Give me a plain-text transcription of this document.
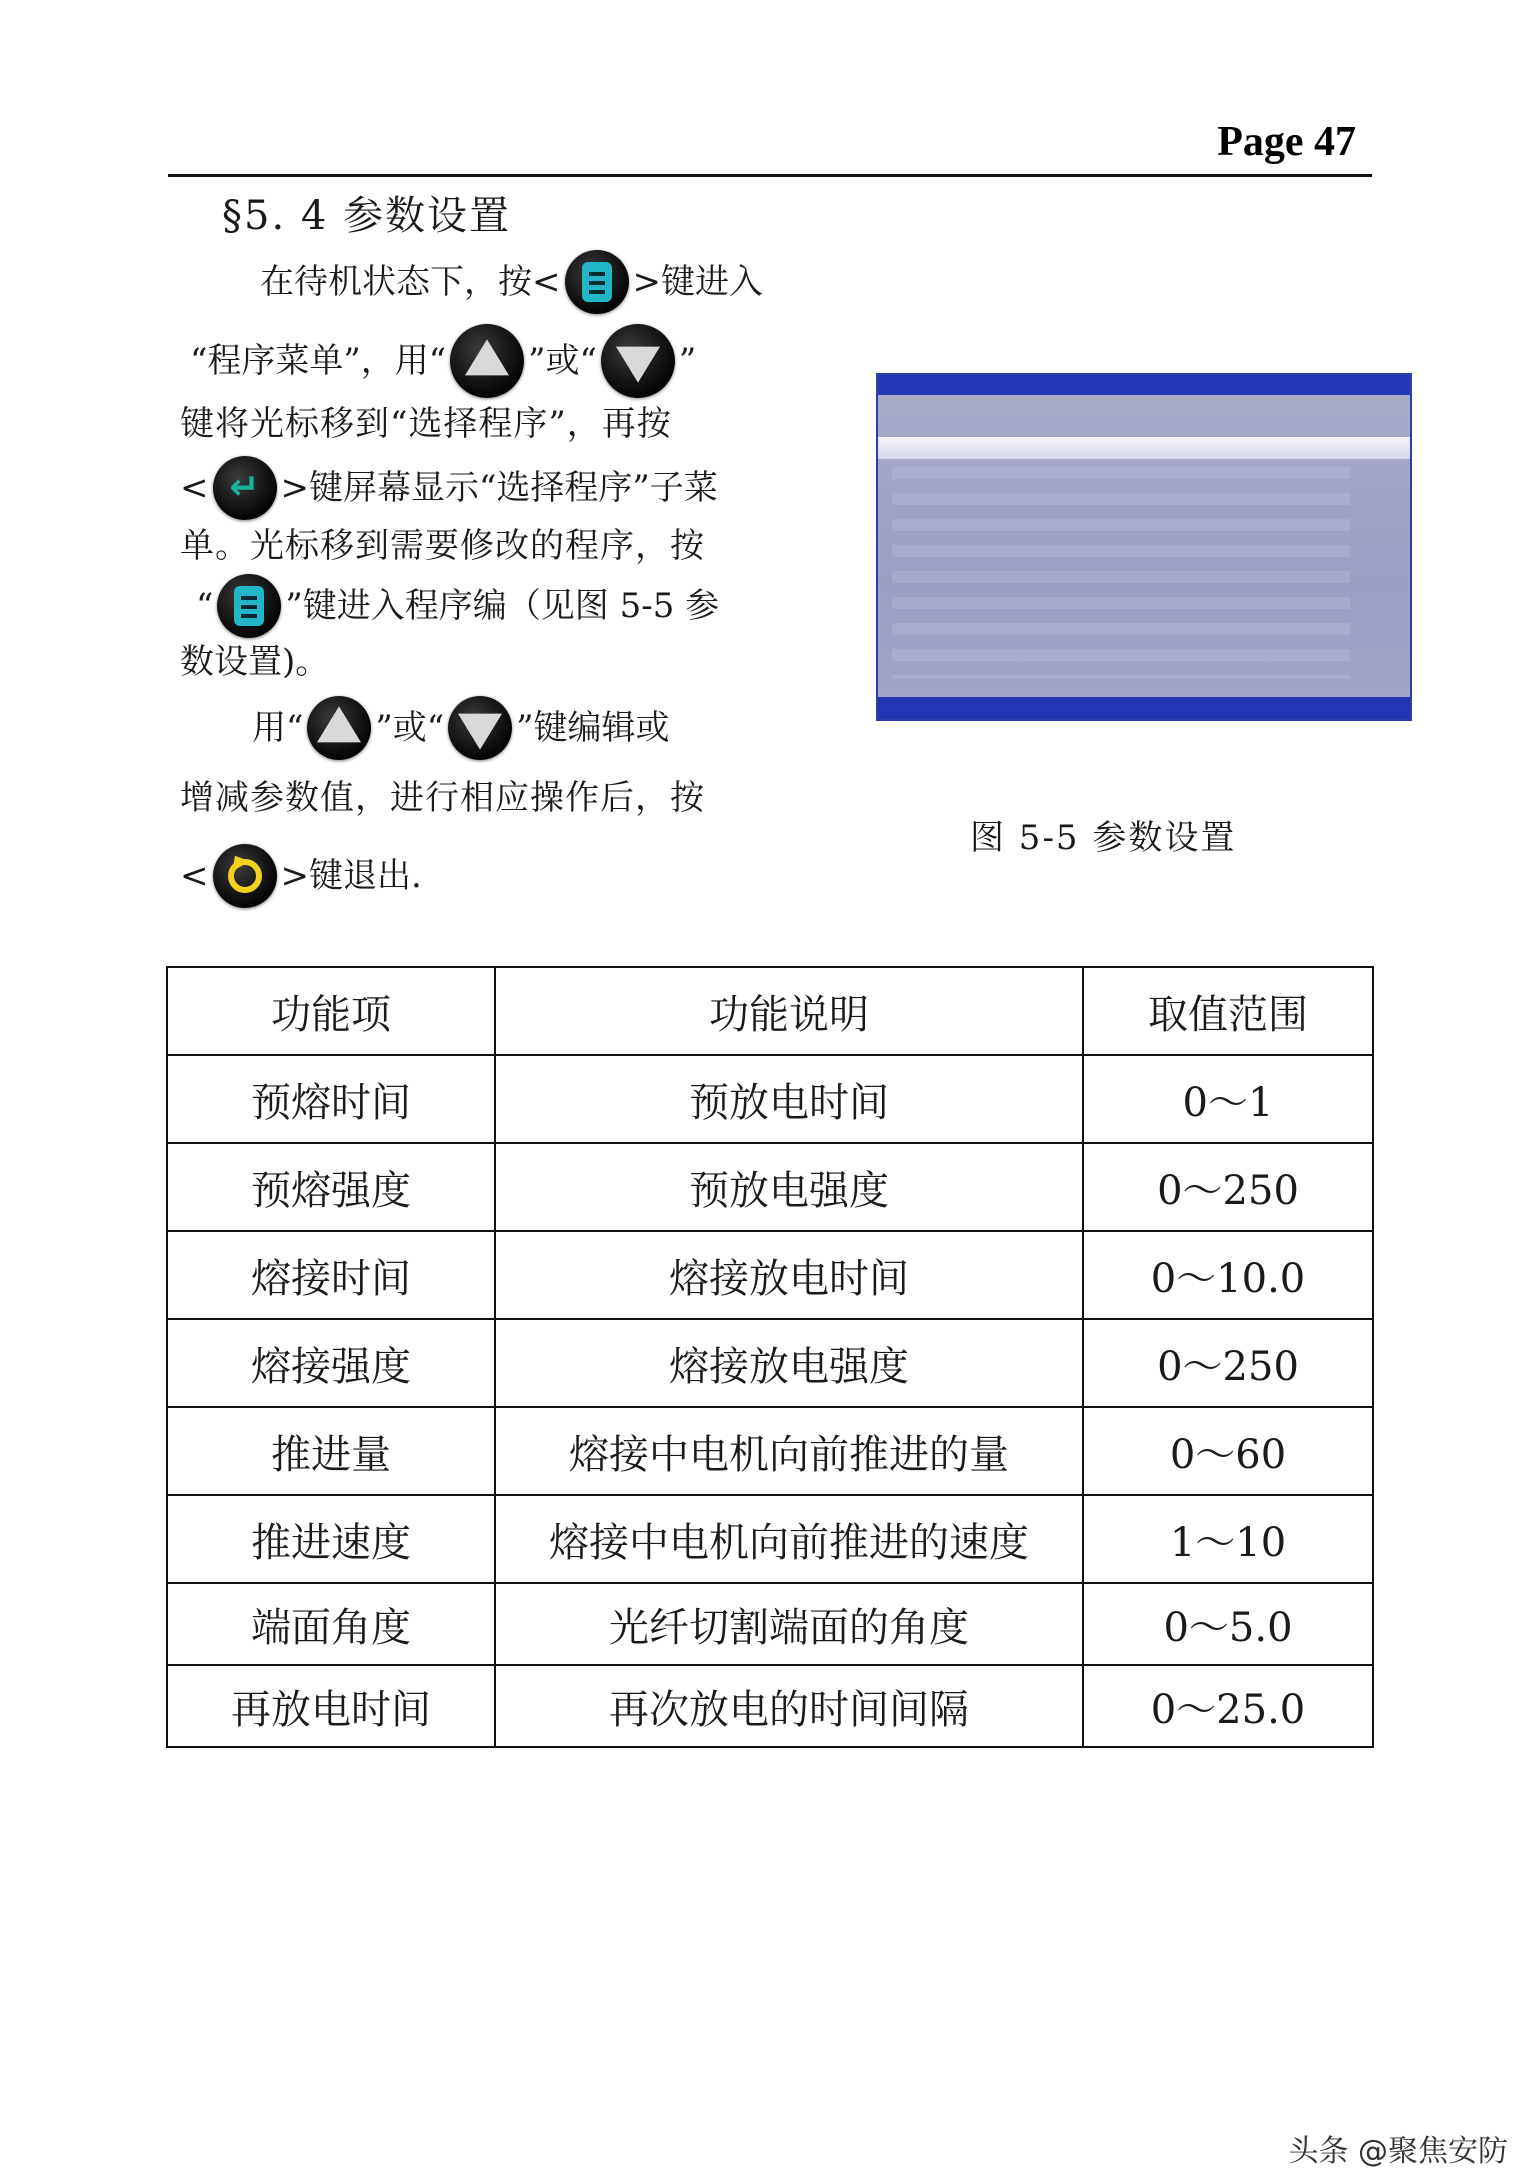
Page 47
§5. 4 参数设置
在待机状态下，按< >键进入
“程序菜单”，用“ ”或“ ”
键将光标移到“选择程序”，再按
< ↵ >键屏幕显示“选择程序”子菜
单。光标移到需要修改的程序，按
“ ”键进入程序编（见图 5-5 参
数设置)。
用“ ”或“ ”键编辑或
增减参数值，进行相应操作后，按
< >键退出.
图 5-5 参数设置
功能项	功能说明	取值范围
预熔时间	预放电时间	0～1
预熔强度	预放电强度	0～250
熔接时间	熔接放电时间	0～10.0
熔接强度	熔接放电强度	0～250
推进量	熔接中电机向前推进的量	0～60
推进速度	熔接中电机向前推进的速度	1～10
端面角度	光纤切割端面的角度	0～5.0
再放电时间	再次放电的时间间隔	0～25.0
头条 @聚焦安防
